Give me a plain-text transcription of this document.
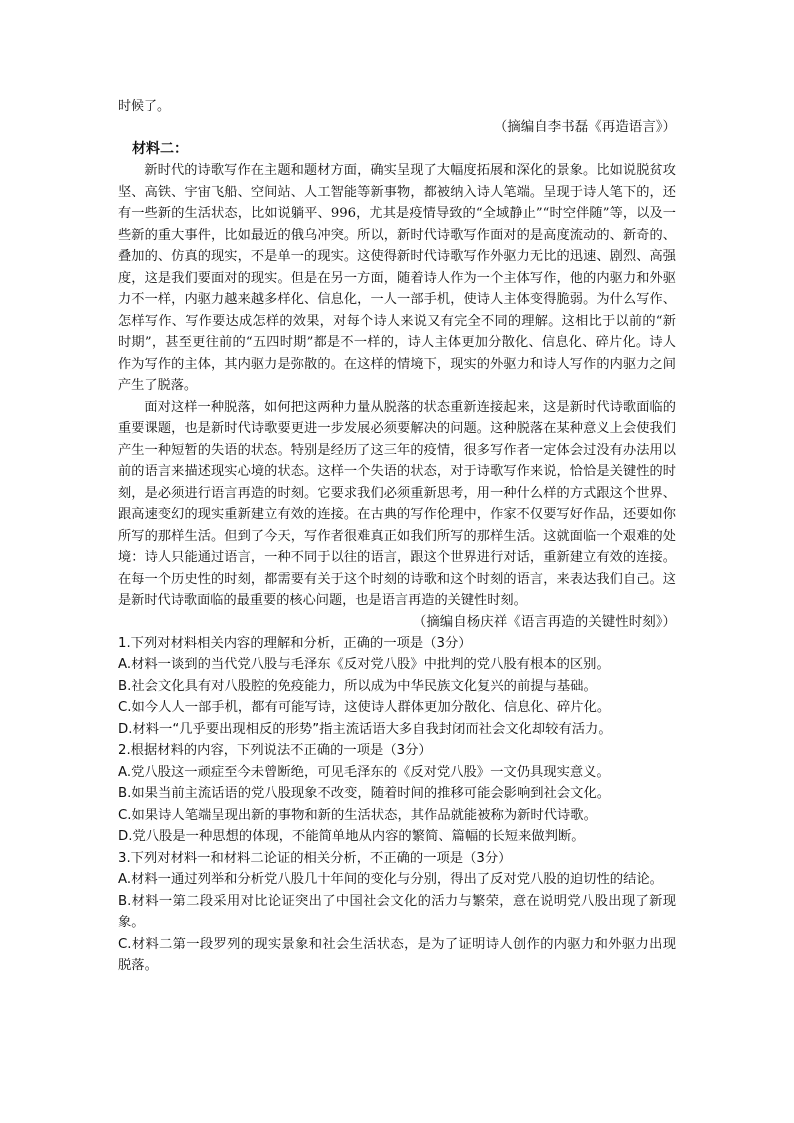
时候了。
（摘编自李书磊《再造语言》）
材料二：

新时代的诗歌写作在主题和题材方面，确实呈现了大幅度拓展和深化的景象。比如说脱贫攻坚、高铁、宇宙飞船、空间站、人工智能等新事物，都被纳入诗人笔端。呈现于诗人笔下的，还有一些新的生活状态，比如说躺平、996，尤其是疫情导致的“全域静止”“时空伴随”等，以及一些新的重大事件，比如最近的俄乌冲突。所以，新时代诗歌写作面对的是高度流动的、新奇的、叠加的、仿真的现实，不是单一的现实。这使得新时代诗歌写作外驱力无比的迅速、剧烈、高强度，这是我们要面对的现实。但是在另一方面，随着诗人作为一个主体写作，他的内驱力和外驱力不一样，内驱力越来越多样化、信息化，一人一部手机，使诗人主体变得脆弱。为什么写作、怎样写作、写作要达成怎样的效果，对每个诗人来说又有完全不同的理解。这相比于以前的“新时期”，甚至更往前的“五四时期”都是不一样的，诗人主体更加分散化、信息化、碎片化。诗人作为写作的主体，其内驱力是弥散的。在这样的情境下，现实的外驱力和诗人写作的内驱力之间产生了脱落。

面对这样一种脱落，如何把这两种力量从脱落的状态重新连接起来，这是新时代诗歌面临的重要课题，也是新时代诗歌要更进一步发展必须要解决的问题。这种脱落在某种意义上会使我们产生一种短暂的失语的状态。特别是经历了这三年的疫情，很多写作者一定体会过没有办法用以前的语言来描述现实心境的状态。这样一个失语的状态，对于诗歌写作来说，恰恰是关键性的时刻，是必须进行语言再造的时刻。它要求我们必须重新思考，用一种什么样的方式跟这个世界、跟高速变幻的现实重新建立有效的连接。在古典的写作伦理中，作家不仅要写好作品，还要如你所写的那样生活。但到了今天，写作者很难真正如我们所写的那样生活。这就面临一个艰难的处境：诗人只能通过语言，一种不同于以往的语言，跟这个世界进行对话，重新建立有效的连接。在每一个历史性的时刻，都需要有关于这个时刻的诗歌和这个时刻的语言，来表达我们自己。这是新时代诗歌面临的最重要的核心问题，也是语言再造的关键性时刻。

（摘编自杨庆祥《语言再造的关键性时刻》）
1.下列对材料相关内容的理解和分析，正确的一项是（3分）
A.材料一谈到的当代党八股与毛泽东《反对党八股》中批判的党八股有根本的区别。
B.社会文化具有对八股腔的免疫能力，所以成为中华民族文化复兴的前提与基础。
C.如今人人一部手机，都有可能写诗，这使诗人群体更加分散化、信息化、碎片化。
D.材料一“几乎要出现相反的形势”指主流话语大多自我封闭而社会文化却较有活力。
2.根据材料的内容，下列说法不正确的一项是（3分）
A.党八股这一顽症至今未曾断绝，可见毛泽东的《反对党八股》一文仍具现实意义。
B.如果当前主流话语的党八股现象不改变，随着时间的推移可能会影响到社会文化。
C.如果诗人笔端呈现出新的事物和新的生活状态，其作品就能被称为新时代诗歌。
D.党八股是一种思想的体现，不能简单地从内容的繁简、篇幅的长短来做判断。
3.下列对材料一和材料二论证的相关分析，不正确的一项是（3分）
A.材料一通过列举和分析党八股几十年间的变化与分别，得出了反对党八股的迫切性的结论。
B.材料一第二段采用对比论证突出了中国社会文化的活力与繁荣，意在说明党八股出现了新现象。
C.材料二第一段罗列的现实景象和社会生活状态，是为了证明诗人创作的内驱力和外驱力出现脱落。
